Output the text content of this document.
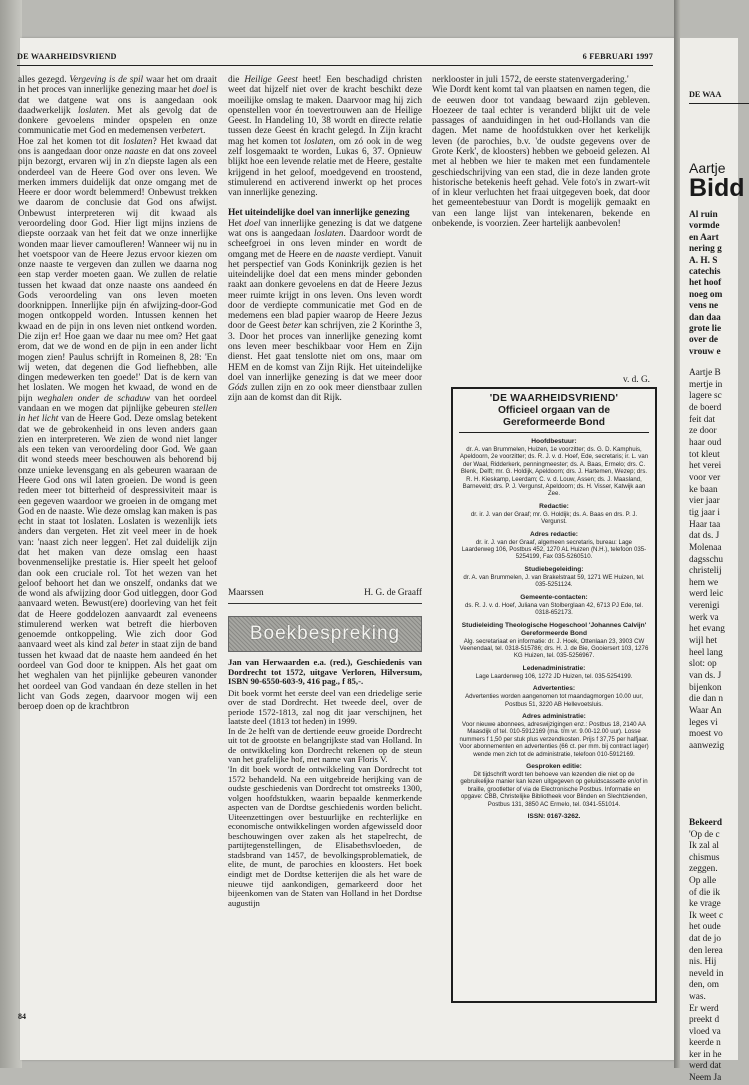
DE WAARHEIDSVRIEND	6 FEBRUARI 1997

alles gezegd. Vergeving is de spil waar het om draait in het proces van innerlijke genezing maar het doel is dat we datgene wat ons is aangedaan ook daadwerkelijk loslaten. Met als gevolg dat de donkere gevoelens minder opspelen en onze communicatie met God en medemensen verbetert.

Hoe zal het komen tot dit loslaten? Het kwaad dat ons is aangedaan door onze naaste en dat ons zoveel pijn bezorgt, ervaren wij in z'n diepste lagen als een onderdeel van de Heere God over ons leven. We merken immers duidelijk dat onze omgang met de Heere er door wordt belemmerd! Onbewust trekken we daarom de conclusie dat God ons afwijst. Onbewust interpreteren wij dit kwaad als veroordeling door God. Hier ligt mijns inziens de diepste oorzaak van het feit dat we onze innerlijke wonden maar liever camoufleren! Wanneer wij nu in het voetspoor van de Heere Jezus ervoor kiezen om onze naaste te vergeven dan zullen we daarna nog een stap verder moeten gaan. We zullen de relatie tussen het kwaad dat onze naaste ons aandeed én Gods veroordeling van ons leven moeten doorknippen. Innerlijke pijn én afwijzing-door-God mogen ontkoppeld worden. Intussen kennen het kwaad en de pijn in ons leven niet ontkend worden. Die zijn er! Hoe gaan we daar nu mee om? Het gaat erom, dat we de wond en de pijn in een ander licht mogen zien! Paulus schrijft in Romeinen 8, 28: 'En wij weten, dat degenen die God liefhebben, alle dingen medewerken ten goede!' Dat is de kern van het loslaten. We mogen het kwaad, de wond en de pijn weghalen onder de schaduw van het oordeel vandaan en we mogen dat pijnlijke gebeuren stellen in het licht van de Heere God. Deze omslag betekent dat we de gebrokenheid in ons leven anders gaan zien en interpreteren. We zien de wond niet langer als een teken van veroordeling door God. We gaan dit wond steeds meer beschouwen als behorend bij onze unieke levensgang en als gebeuren waaraan de Heere God ons wil laten groeien. De wond is geen reden meer tot bitterheid of despressiviteit maar is een gegeven waardoor we groeien in de omgang met God en de naaste. Wie deze omslag kan maken is pas echt in staat tot loslaten. Loslaten is wezenlijk iets anders dan vergeten. Het zit veel meer in de hoek van: 'naast zich neer leggen'. Het zal duidelijk zijn dat het maken van deze omslag een haast bovenmenselijke prestatie is. Hier speelt het geloof dan ook een cruciale rol. Tot het wezen van het geloof behoort het dan we onszelf, ondanks dat we de wond als afwijzing door God uitleggen, door God aanvaard weten. Bewust(ere) doorleving van het feit dat de Heere goddelozen aanvaardt zal eveneens stimulerend werken wat betreft die hierboven genoemde ontkoppeling. Wie zich door God aanvaard weet als kind zal beter in staat zijn de band tussen het kwaad dat de naaste hem aandeed én het oordeel van God door te knippen. Als het gaat om het weghalen van het pijnlijke gebeuren vanonder het oordeel van God vandaan én deze stellen in het licht van Gods zegen, daarvoor mogen wij een beroep doen op de krachtbron

die Heilige Geest heet! Een beschadigd christen weet dat hijzelf niet over de kracht beschikt deze moeilijke omslag te maken. Daarvoor mag hij zich openstellen voor én toevertrouwen aan de Heilige Geest. In Handeling 10, 38 wordt en directe relatie tussen deze Geest én kracht gelegd. In Zijn kracht mag het komen tot loslaten, om zó ook in de weg zelf losgemaakt te worden, Lukas 6, 37. Opnieuw blijkt hoe een levende relatie met de Heere, gestalte krijgend in het geloof, moedgevend en troostend, stimulerend en activerend inwerkt op het proces van innerlijke genezing.

Het uiteindelijke doel van innerlijke genezing

Het doel van innerlijke genezing is dat we datgene wat ons is aangedaan loslaten. Daardoor wordt de scheefgroei in ons leven minder en wordt de omgang met de Heere en de naaste verdiept. Vanuit het perspectief van Gods Koninkrijk gezien is het uiteindelijke doel dat een mens minder gebonden raakt aan donkere gevoelens en dat de Heere Jezus meer ruimte krijgt in ons leven. Ons leven wordt door de verdiepte communicatie met God en de medemens een blad papier waarop de Heere Jezus door de Geest beter kan schrijven, zie 2 Korinthe 3, 3. Door het proces van innerlijke genezing komt ons leven meer beschikbaar voor Hem en Zijn dienst. Het gaat tenslotte niet om ons, maar om HEM en de komst van Zijn Rijk. Het uiteindelijke doel van innerlijke genezing is dat we meer door Góds zullen zijn en zo ook meer dienstbaar zullen zijn aan de komst dan dit Rijk.

Maarssen	H. G. de Graaff
Boekbespreking

Jan van Herwaarden e.a. (red.), Geschiedenis van Dordrecht tot 1572, uitgave Verloren, Hilversum, ISBN 90-6550-603-9, 416 pag., f 85,-.

Dit boek vormt het eerste deel van een driedelige serie over de stad Dordrecht. Het tweede deel, over de periode 1572-1813, zal nog dit jaar verschijnen, het laatste deel (1813 tot heden) in 1999.

In de 2e helft van de dertiende eeuw groeide Dordrecht uit tot de grootste en belangrijkste stad van Holland. In de ontwikkeling kon Dordrecht rekenen op de steun van het grafelijke hof, met name van Floris V.

'In dit boek wordt de ontwikkeling van Dordrecht tot 1572 behandeld. Na een uitgebreide herijking van de oudste geschiedenis van Dordrecht tot omstreeks 1300, volgen hoofdstukken, waarin bepaalde kenmerkende aspecten van de Dordtse geschiedenis worden belicht. Uiteenzettingen over bestuurlijke en rechterlijke en economische ontwikkelingen worden afgewisseld door beschouwingen over zaken als het stapelrecht, de partijtegenstellingen, de Elisabethsvloeden, de stadsbrand van 1457, de bevolkingsproblematiek, de elite, de munt, de parochies en kloosters. Het boek eindigt met de Dordtse ketterijen die als het ware de nieuwe tijd aankondigen, gemarkeerd door het bijeenkomen van de Staten van Holland in het Dordtse augustijn

nerklooster in juli 1572, de eerste statenvergadering.'

Wie Dordt kent komt tal van plaatsen en namen tegen, die de eeuwen door tot vandaag bewaard zijn gebleven. Hoezeer de taal echter is veranderd blijkt uit de vele passages of aanduidingen in het oud-Hollands van die dagen. Met name de hoofdstukken over het kerkelijk leven (de parochies, b.v. 'de oudste gegevens over de Grote Kerk', de kloosters) hebben we geboeid gelezen. Al met al hebben we hier te maken met een fundamentele geschiedschrijving van een stad, die in deze landen grote historische betekenis heeft gehad. Vele foto's in zwart-wit of in kleur verluchten het fraai uitgegeven boek, dat door het gemeentebestuur van Dordt is mogelijk gemaakt en van een lange lijst van intekenaren, bekende en onbekende, is voorzien. Zeer hartelijk aanbevolen!

v. d. G.
'DE WAARHEIDSVRIEND'
Officieel orgaan van de
Gereformeerde Bond
Hoofdbestuur:
dr. A. van Brummelen, Huizen, 1e voorzitter; ds. G. D. Kamphuis, Apeldoorn, 2e voorzitter; ds. R. J. v. d. Hoef, Ede, secretaris; ir. L. van der Waal, Ridderkerk, penningmeester; ds. A. Baas, Ermelo; drs. C. Blenk, Delft; mr. G. Holdijk, Apeldoorn; drs. J. Hartemen, Wezep; drs. R. H. Kieskamp, Leerdam; C. v. d. Louw, Assen; ds. J. Maasland, Barneveld; drs. P. J. Vergunst, Apeldoorn; ds. H. Visser, Katwijk aan Zee.
Redactie:
dr. ir. J. van der Graaf; mr. G. Holdijk; ds. A. Baas en drs. P. J. Vergunst.
Adres redactie:
dr. ir. J. van der Graaf, algemeen secretaris, bureau: Lage Laarderweg 106, Postbus 452, 1270 AL Huizen (N.H.), telefoon 035-5254199, Fax 035-5260510.
Studiebegeleiding:
dr. A. van Brummelen, J. van Brakelstraat 59, 1271 WE Huizen, tel. 035-5251124.
Gemeente-contacten:
ds. R. J. v. d. Hoef, Juliana van Stolberglaan 42, 6713 PJ Ede, tel. 0318-652173.
Studieleiding Theologische Hogeschool 'Johannes Calvijn' Gereformeerde Bond
Alg. secretariaat en informatie: dr. J. Hoek, Ottenlaan 23, 3903 CW Veenendaal, tel. 0318-515786; drs. H. J. de Bie, Gooiersert 103, 1276 KG Huizen, tel. 035-5256967.
Ledenadministratie:
Lage Laarderweg 106, 1272 JD Huizen, tel. 035-5254199.
Advertenties:
Advertenties worden aangenomen tot maandagmorgen 10.00 uur, Postbus 51, 3220 AB Hellevoetsluis.
Adres administratie:
Voor nieuwe abonnees, adreswijzigingen enz.: Postbus 18, 2140 AA Maasdijk of tel. 010-5912169 (ma. t/m vr. 9.00-12.00 uur). Losse nummers f 1,50 per stuk plus verzendkosten. Prijs f 37,75 per halfjaar. Voor abonnementen en advertenties (66 ct. per mm. bij contract lager) wende men zich tot de administratie, telefoon 010-5912169.
Gesproken editie:
Dit tijdschrift wordt ten behoeve van lezenden die niet op de gebruikelijke manier kan lezen uitgegeven op geluidscassette en/of in braille, grootletter of via de Electronische Postbus. Informatie en opgave: CBB, Christelijke Bibliotheek voor Blinden en Slechtzienden, Postbus 131, 3850 AC Ermelo, tel. 0341-551014.
ISSN: 0167-3262.
84
DE WAA
Aartje
Bidd
Al ruin
vormde
en Aart
nering g
A. H. S
catechis
het hoof
noeg om
vens ne
dan daa
grote lie
over de
vrouw e
Aartje B
mertje in
lagere sc
de boerd
feit dat
ze door
haar oud
tot kleut
het verei
voor ver
ke baan
vier jaar
tig jaar i
Haar taa
dat ds. J
Molenaa
dagsschu
christelij
hem we
werd leic
verenigi
werk va
het evang
wijl het
heel lang
slot: op
van ds. J
bijenkon
die dan n
Waar An
leges vi
moest vo
aanwezig
Bekeerd
'Op de c
Ik zal al
chismus
zeggen.
Op alle
of die ik
ke vrage
Ik weet c
het oude
dat de jo
den lerea
nis. Hij
neveld in
den, om
was.
Er werd
preekt d
vloed va
keerde n
ker in he
werd dat
Neem Ja
